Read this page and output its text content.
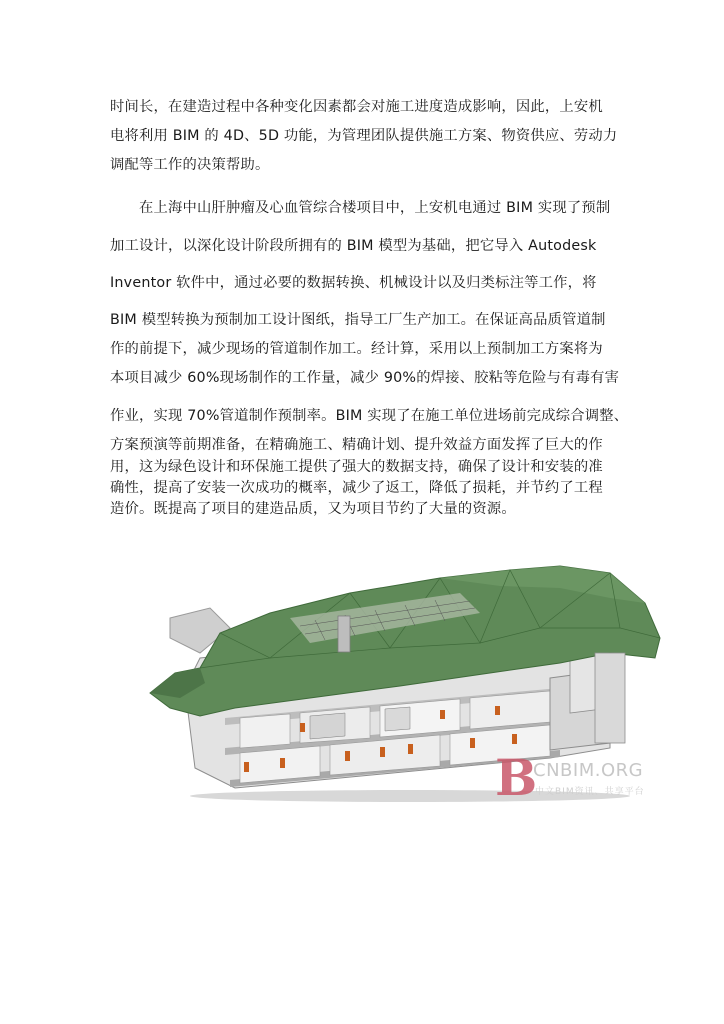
时间长，在建造过程中各种变化因素都会对施工进度造成影响，因此，上安机
电将利用 BIM 的 4D、5D 功能，为管理团队提供施工方案、物资供应、劳动力
调配等工作的决策帮助。
　　在上海中山肝肿瘤及心血管综合楼项目中，上安机电通过 BIM 实现了预制
加工设计，以深化设计阶段所拥有的 BIM 模型为基础，把它导入 Autodesk
Inventor 软件中，通过必要的数据转换、机械设计以及归类标注等工作，将
BIM 模型转换为预制加工设计图纸，指导工厂生产加工。在保证高品质管道制
作的前提下，减少现场的管道制作加工。经计算，采用以上预制加工方案将为
本项目减少 60%现场制作的工作量，减少 90%的焊接、胶粘等危险与有毒有害
作业，实现 70%管道制作预制率。BIM 实现了在施工单位进场前完成综合调整、
方案预演等前期准备，在精确施工、精确计划、提升效益方面发挥了巨大的作
用，这为绿色设计和环保施工提供了强大的数据支持，确保了设计和安装的准
确性，提高了安装一次成功的概率，减少了返工，降低了损耗，并节约了工程
造价。既提高了项目的建造品质，又为项目节约了大量的资源。
B
CNBIM.ORG
中文BIM资讯、共享平台
